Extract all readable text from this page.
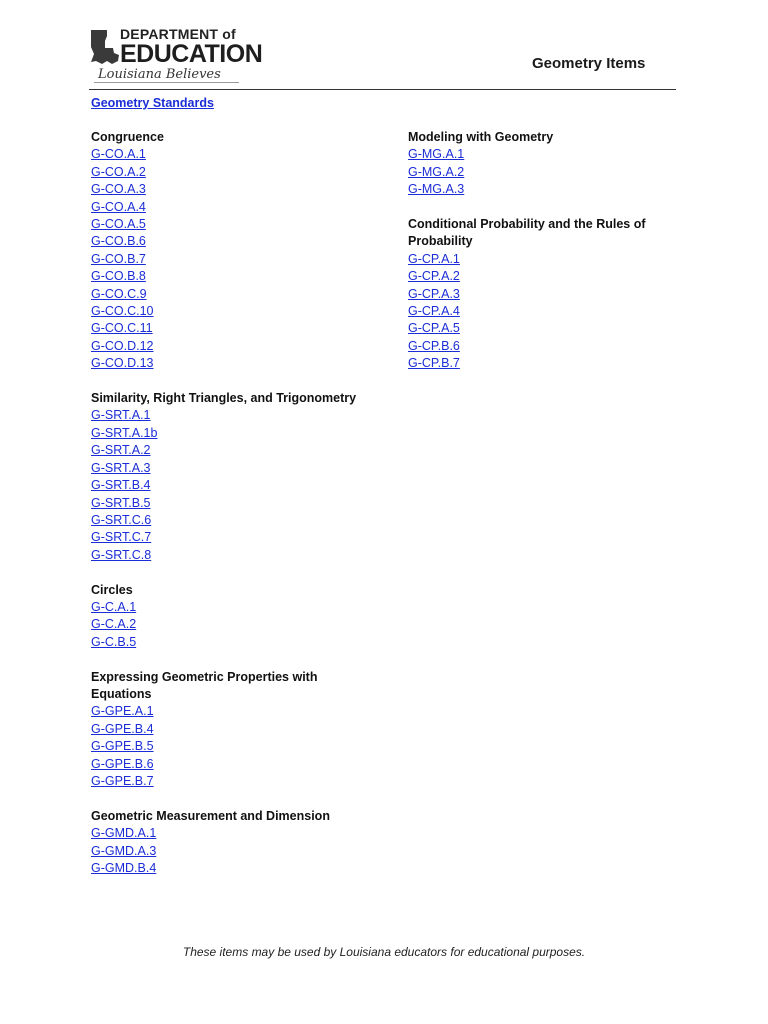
DEPARTMENT of
EDUCATION
Louisiana Believes
Geometry Items
Geometry Standards
Congruence
G-CO.A.1
G-CO.A.2
G-CO.A.3
G-CO.A.4
G-CO.A.5
G-CO.B.6
G-CO.B.7
G-CO.B.8
G-CO.C.9
G-CO.C.10
G-CO.C.11
G-CO.D.12
G-CO.D.13
Similarity, Right Triangles, and Trigonometry
G-SRT.A.1
G-SRT.A.1b
G-SRT.A.2
G-SRT.A.3
G-SRT.B.4
G-SRT.B.5
G-SRT.C.6
G-SRT.C.7
G-SRT.C.8
Circles
G-C.A.1
G-C.A.2
G-C.B.5
Expressing Geometric Properties with Equations
G-GPE.A.1
G-GPE.B.4
G-GPE.B.5
G-GPE.B.6
G-GPE.B.7
Geometric Measurement and Dimension
G-GMD.A.1
G-GMD.A.3
G-GMD.B.4
Modeling with Geometry
G-MG.A.1
G-MG.A.2
G-MG.A.3
Conditional Probability and the Rules of Probability
G-CP.A.1
G-CP.A.2
G-CP.A.3
G-CP.A.4
G-CP.A.5
G-CP.B.6
G-CP.B.7
These items may be used by Louisiana educators for educational purposes.
